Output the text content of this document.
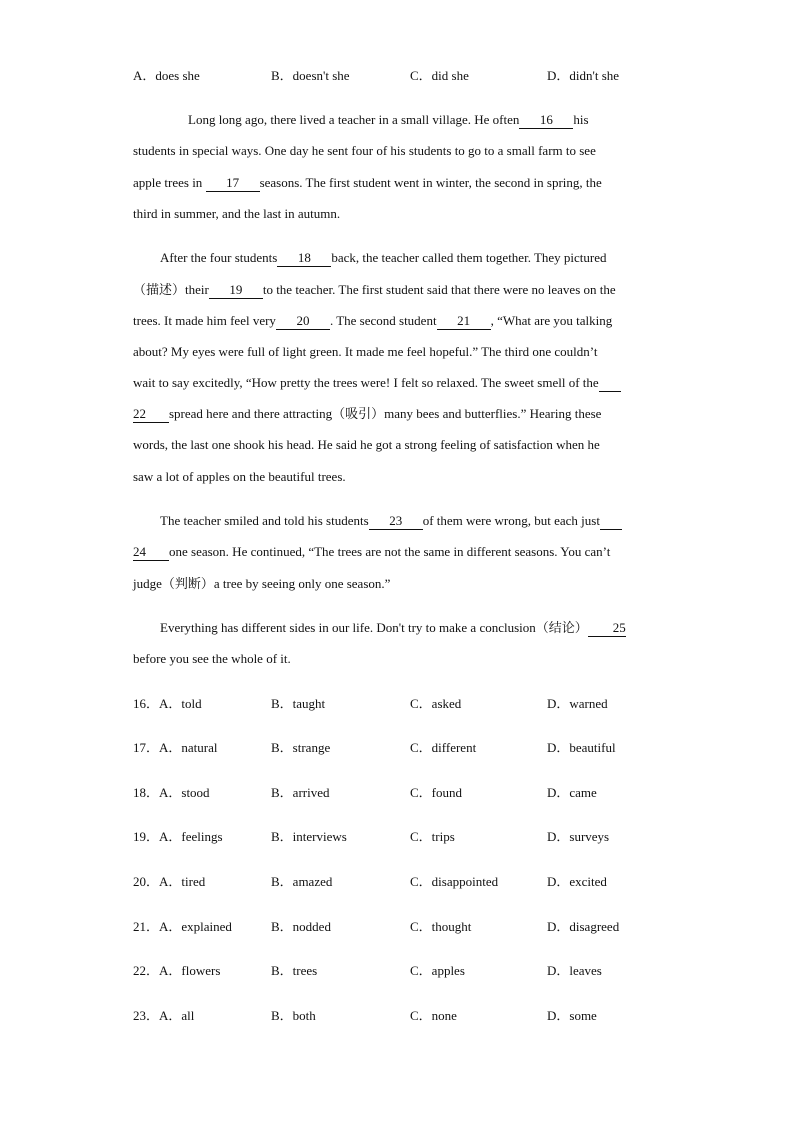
A．does she	B．doesn't she	C．did she	D．didn't she
Long long ago, there lived a teacher in a small village. He often 16 his
students in special ways. One day he sent four of his students to go to a small farm to see
apple trees in 17 seasons. The first student went in winter, the second in spring, the
third in summer, and the last in autumn.
After the four students 18 back, the teacher called them together. They pictured
（描述）their 19 to the teacher. The first student said that there were no leaves on the
trees. It made him feel very 20 . The second student 21 , “What are you talking
about? My eyes were full of light green. It made me feel hopeful.” The third one couldn’t
wait to say excitedly, “How pretty the trees were! I felt so relaxed. The sweet smell of the
22 spread here and there attracting（吸引）many bees and butterflies.” Hearing these
words, the last one shook his head. He said he got a strong feeling of satisfaction when he
saw a lot of apples on the beautiful trees.
The teacher smiled and told his students 23 of them were wrong, but each just
24 one season. He continued, “The trees are not the same in different seasons. You can’t
judge（判断）a tree by seeing only one season.”
Everything has different sides in our life. Don't try to make a conclusion（结论） 25
before you see the whole of it.
16．A．told	B．taught	C．asked	D．warned
17．A．natural	B．strange	C．different	D．beautiful
18．A．stood	B．arrived	C．found	D．came
19．A．feelings	B．interviews	C．trips	D．surveys
20．A．tired	B．amazed	C．disappointed	D．excited
21．A．explained	B．nodded	C．thought	D．disagreed
22．A．flowers	B．trees	C．apples	D．leaves
23．A．all	B．both	C．none	D．some
